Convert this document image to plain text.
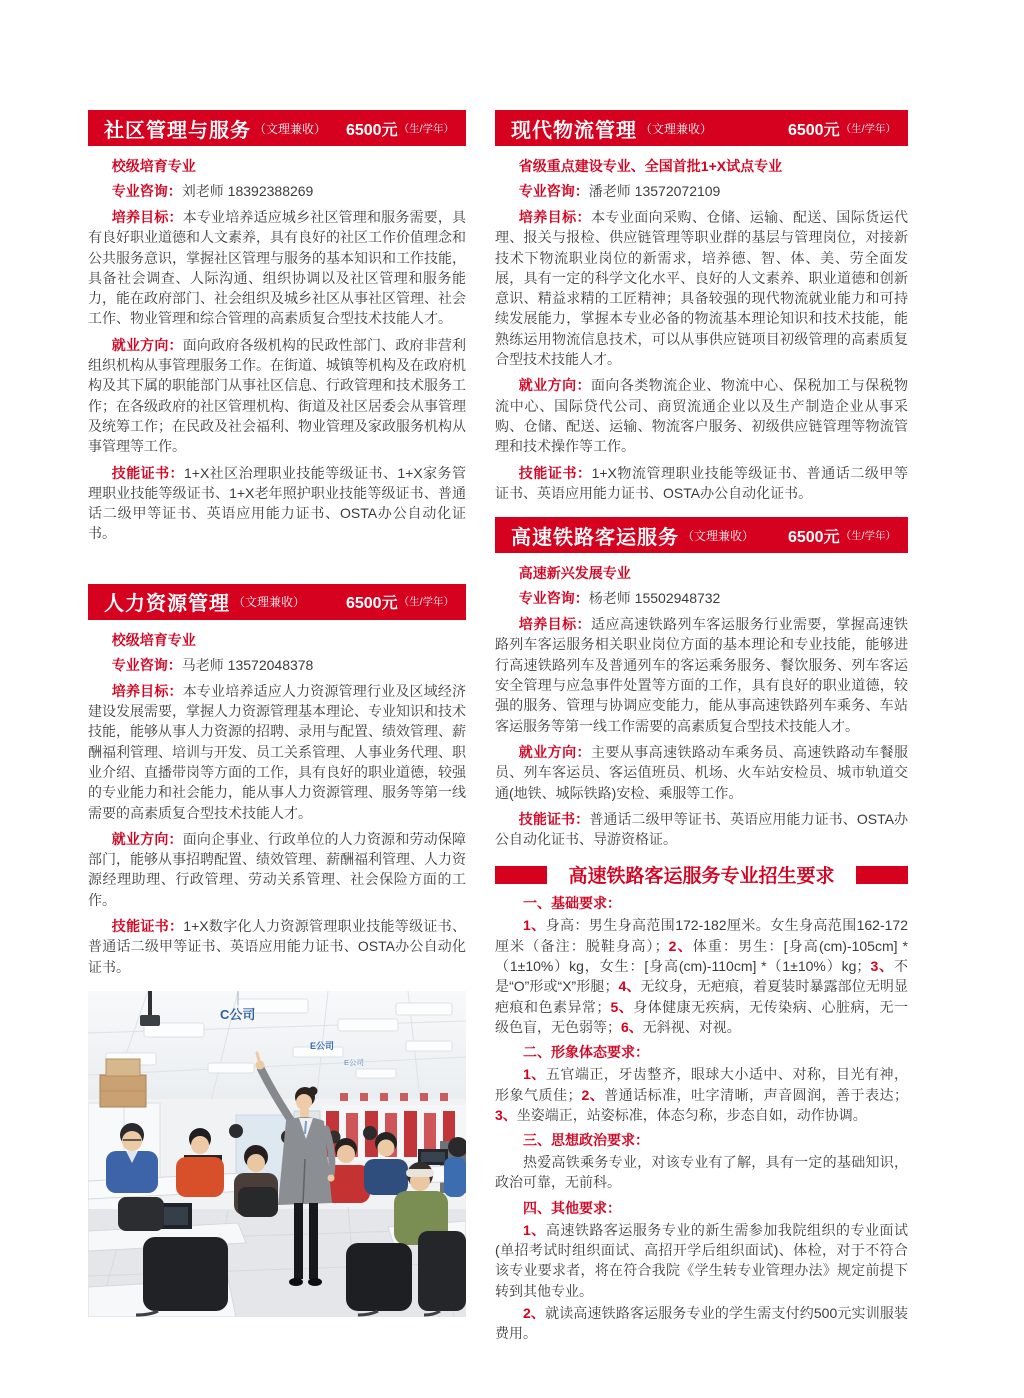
社区管理与服务 （文理兼收） 6500元 （生/学年）

校级培育专业

专业咨询：刘老师 18392388269

培养目标：本专业培养适应城乡社区管理和服务需要，具有良好职业道德和人文素养，具有良好的社区工作价值理念和公共服务意识，掌握社区管理与服务的基本知识和工作技能，具备社会调查、人际沟通、组织协调以及社区管理和服务能力，能在政府部门、社会组织及城乡社区从事社区管理、社会工作、物业管理和综合管理的高素质复合型技术技能人才。

就业方向：面向政府各级机构的民政性部门、政府非营利组织机构从事管理服务工作。在街道、城镇等机构及在政府机构及其下属的职能部门从事社区信息、行政管理和技术服务工作；在各级政府的社区管理机构、街道及社区居委会从事管理及统筹工作；在民政及社会福利、物业管理及家政服务机构从事管理等工作。

技能证书：1+X社区治理职业技能等级证书、1+X家务管理职业技能等级证书、1+X老年照护职业技能等级证书、普通话二级甲等证书、英语应用能力证书、OSTA办公自动化证书。

人力资源管理 （文理兼收）	6500元 （生/学年）

校级培育专业

专业咨询：马老师 13572048378

培养目标：本专业培养适应人力资源管理行业及区域经济建设发展需要，掌握人力资源管理基本理论、专业知识和技术技能，能够从事人力资源的招聘、录用与配置、绩效管理、薪酬福利管理、培训与开发、员工关系管理、人事业务代理、职业介绍、直播带岗等方面的工作，具有良好的职业道德，较强的专业能力和社会能力，能从事人力资源管理、服务等第一线需要的高素质复合型技术技能人才。

就业方向：面向企事业、行政单位的人力资源和劳动保障部门，能够从事招聘配置、绩效管理、薪酬福利管理、人力资源经理助理、行政管理、劳动关系管理、社会保险方面的工作。

技能证书：1+X数字化人力资源管理职业技能等级证书、普通话二级甲等证书、英语应用能力证书、OSTA办公自动化证书。

C公司
E公司
E公司
现代物流管理 （文理兼收）	6500元 （生/学年）

省级重点建设专业、全国首批1+X试点专业

专业咨询：潘老师 13572072109

培养目标：本专业面向采购、仓储、运输、配送、国际货运代理、报关与报检、供应链管理等职业群的基层与管理岗位，对接新技术下物流职业岗位的新需求，培养德、智、体、美、劳全面发展，具有一定的科学文化水平、良好的人文素养、职业道德和创新意识、精益求精的工匠精神；具备较强的现代物流就业能力和可持续发展能力，掌握本专业必备的物流基本理论知识和技术技能，能熟练运用物流信息技术，可以从事供应链项目初级管理的高素质复合型技术技能人才。

就业方向：面向各类物流企业、物流中心、保税加工与保税物流中心、国际贷代公司、商贸流通企业以及生产制造企业从事采购、仓储、配送、运输、物流客户服务、初级供应链管理等物流管理和技术操作等工作。

技能证书：1+X物流管理职业技能等级证书、普通话二级甲等证书、英语应用能力证书、OSTA办公自动化证书。

高速铁路客运服务 （文理兼收） 6500元 （生/学年）

高速新兴发展专业

专业咨询：杨老师 15502948732

培养目标：适应高速铁路列车客运服务行业需要，掌握高速铁路列车客运服务相关职业岗位方面的基本理论和专业技能，能够进行高速铁路列车及普通列车的客运乘务服务、餐饮服务、列车客运安全管理与应急事件处置等方面的工作，具有良好的职业道德，较强的服务、管理与协调应变能力，能从事高速铁路列车乘务、车站客运服务等第一线工作需要的高素质复合型技术技能人才。

就业方向：主要从事高速铁路动车乘务员、高速铁路动车餐服员、列车客运员、客运值班员、机场、火车站安检员、城市轨道交通(地铁、城际铁路)安检、乘服等工作。

技能证书：普通话二级甲等证书、英语应用能力证书、OSTA办公自动化证书、导游资格证。

高速铁路客运服务专业招生要求
一、基础要求：

1、身高：男生身高范围172-182厘米。女生身高范围162-172厘米（备注：脱鞋身高）；2、体重：男生：[身高(cm)-105cm] *（1±10%）kg，女生：[身高(cm)-110cm] *（1±10%）kg；3、不是“O”形或“X”形腿；4、无纹身，无疤痕，着夏装时暴露部位无明显疤痕和色素异常；5、身体健康无疾病，无传染病、心脏病，无一级色盲，无色弱等；6、无斜视、对视。

二、形象体态要求：

1、五官端正，牙齿整齐，眼球大小适中、对称，目光有神，形象气质佳；2、普通话标准，吐字清晰，声音圆润，善于表达；3、坐姿端正，站姿标准，体态匀称，步态自如，动作协调。

三、思想政治要求：

热爱高铁乘务专业，对该专业有了解，具有一定的基础知识，政治可靠，无前科。

四、其他要求：

1、高速铁路客运服务专业的新生需参加我院组织的专业面试(单招考试时组织面试、高招开学后组织面试)、体检，对于不符合该专业要求者，将在符合我院《学生转专业管理办法》规定前提下转到其他专业。

2、就读高速铁路客运服务专业的学生需支付约500元实训服装费用。
